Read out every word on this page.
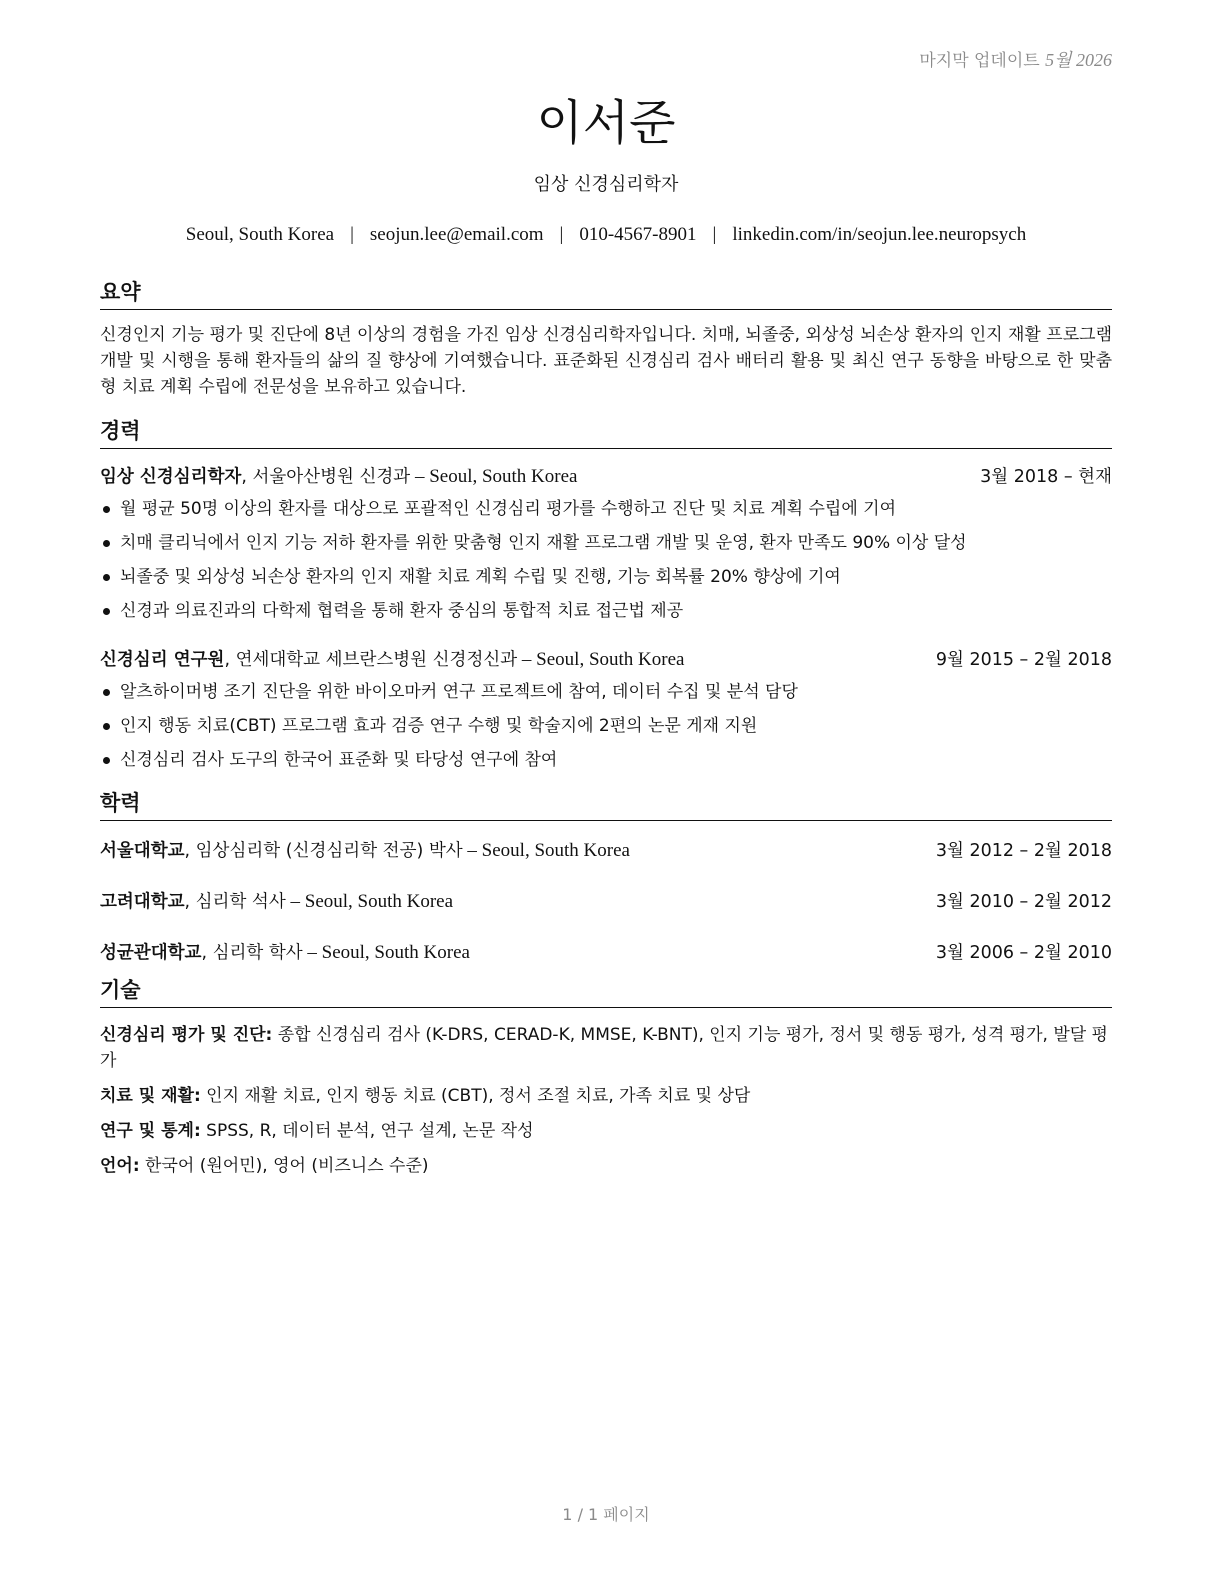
마지막 업데이트 5월 2026
이서준
임상 신경심리학자
Seoul, South Korea | seojun.lee@email.com | 010-4567-8901 | linkedin.com/in/seojun.lee.neuropsych
요약
신경인지 기능 평가 및 진단에 8년 이상의 경험을 가진 임상 신경심리학자입니다. 치매, 뇌졸중, 외상성 뇌손상 환자의 인지 재활 프로그램 개발 및 시행을 통해 환자들의 삶의 질 향상에 기여했습니다. 표준화된 신경심리 검사 배터리 활용 및 최신 연구 동향을 바탕으로 한 맞춤형 치료 계획 수립에 전문성을 보유하고 있습니다.
경력
임상 신경심리학자, 서울아산병원 신경과 – Seoul, South Korea	3월 2018 – 현재
월 평균 50명 이상의 환자를 대상으로 포괄적인 신경심리 평가를 수행하고 진단 및 치료 계획 수립에 기여
치매 클리닉에서 인지 기능 저하 환자를 위한 맞춤형 인지 재활 프로그램 개발 및 운영, 환자 만족도 90% 이상 달성
뇌졸중 및 외상성 뇌손상 환자의 인지 재활 치료 계획 수립 및 진행, 기능 회복률 20% 향상에 기여
신경과 의료진과의 다학제 협력을 통해 환자 중심의 통합적 치료 접근법 제공
신경심리 연구원, 연세대학교 세브란스병원 신경정신과 – Seoul, South Korea	9월 2015 – 2월 2018
알츠하이머병 조기 진단을 위한 바이오마커 연구 프로젝트에 참여, 데이터 수집 및 분석 담당
인지 행동 치료(CBT) 프로그램 효과 검증 연구 수행 및 학술지에 2편의 논문 게재 지원
신경심리 검사 도구의 한국어 표준화 및 타당성 연구에 참여
학력
서울대학교, 임상심리학 (신경심리학 전공) 박사 – Seoul, South Korea	3월 2012 – 2월 2018
고려대학교, 심리학 석사 – Seoul, South Korea	3월 2010 – 2월 2012
성균관대학교, 심리학 학사 – Seoul, South Korea	3월 2006 – 2월 2010
기술
신경심리 평가 및 진단: 종합 신경심리 검사 (K-DRS, CERAD-K, MMSE, K-BNT), 인지 기능 평가, 정서 및 행동 평가, 성격 평가, 발달 평가
치료 및 재활: 인지 재활 치료, 인지 행동 치료 (CBT), 정서 조절 치료, 가족 치료 및 상담
연구 및 통계: SPSS, R, 데이터 분석, 연구 설계, 논문 작성
언어: 한국어 (원어민), 영어 (비즈니스 수준)
1 / 1 페이지
